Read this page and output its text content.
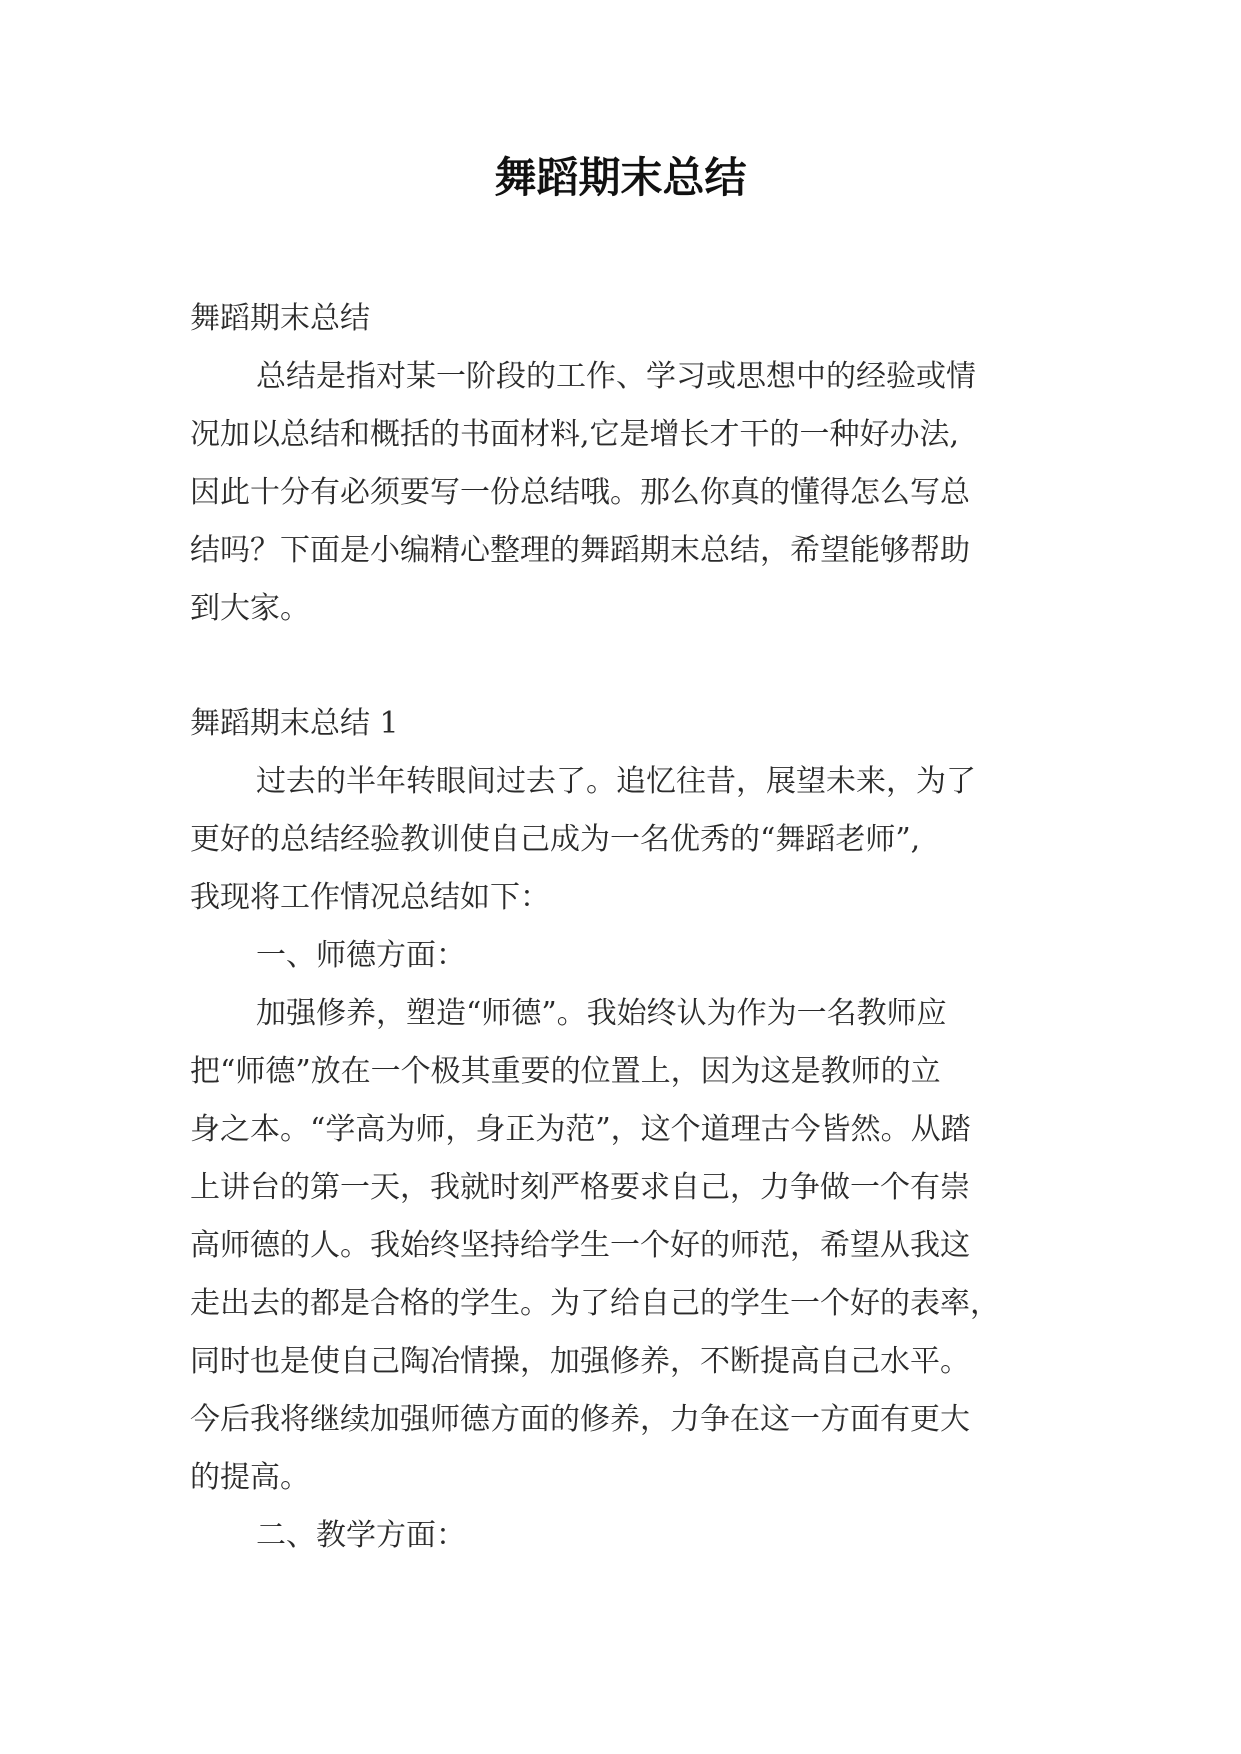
舞蹈期末总结
舞蹈期末总结
总结是指对某一阶段的工作、学习或思想中的经验或情
况加以总结和概括的书面材料,它是增长才干的一种好办法,
因此十分有必须要写一份总结哦。那么你真的懂得怎么写总
结吗？下面是小编精心整理的舞蹈期末总结，希望能够帮助
到大家。
舞蹈期末总结 1
过去的半年转眼间过去了。追忆往昔，展望未来，为了
更好的总结经验教训使自己成为一名优秀的“舞蹈老师”,
我现将工作情况总结如下：
一、师德方面：
加强修养，塑造“师德”。我始终认为作为一名教师应
把“师德”放在一个极其重要的位置上，因为这是教师的立
身之本。“学高为师，身正为范”，这个道理古今皆然。从踏
上讲台的第一天，我就时刻严格要求自己，力争做一个有崇
高师德的人。我始终坚持给学生一个好的师范，希望从我这
走出去的都是合格的学生。为了给自己的学生一个好的表率，
同时也是使自己陶冶情操，加强修养，不断提高自己水平。
今后我将继续加强师德方面的修养，力争在这一方面有更大
的提高。
二、教学方面：
